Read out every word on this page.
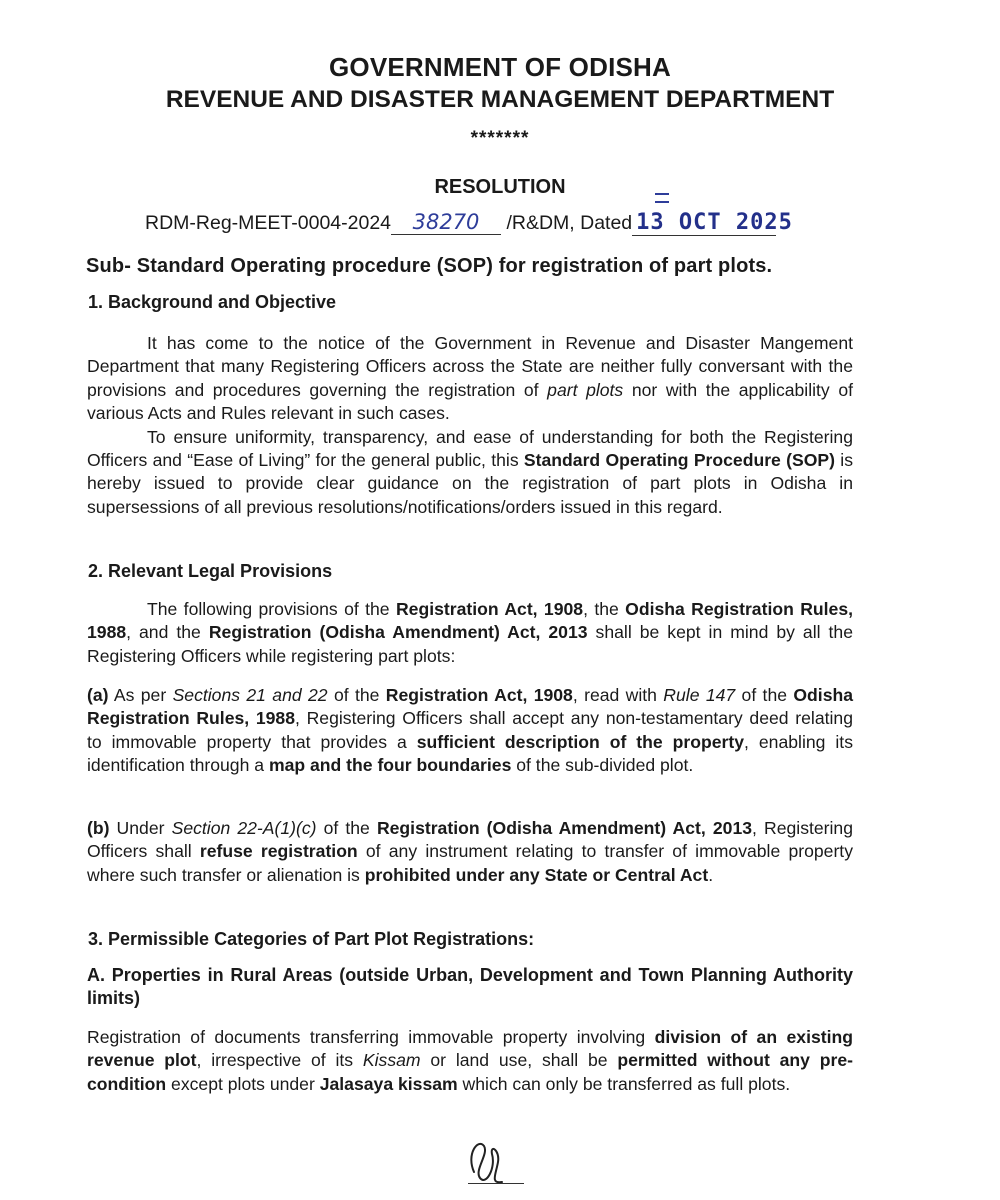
GOVERNMENT OF ODISHA
REVENUE AND DISASTER MANAGEMENT DEPARTMENT
*******
RESOLUTION
RDM-Reg-MEET-0004-2024 38270 /R&DM, Dated 13 OCT 2025
Sub- Standard Operating procedure (SOP) for registration of part plots.
1. Background and Objective

It has come to the notice of the Government in Revenue and Disaster Mangement Department that many Registering Officers across the State are neither fully conversant with the provisions and procedures governing the registration of part plots nor with the applicability of various Acts and Rules relevant in such cases.

To ensure uniformity, transparency, and ease of understanding for both the Registering Officers and “Ease of Living” for the general public, this Standard Operating Procedure (SOP) is hereby issued to provide clear guidance on the registration of part plots in Odisha in supersessions of all previous resolutions/notifications/orders issued in this regard.

2. Relevant Legal Provisions

The following provisions of the Registration Act, 1908, the Odisha Registration Rules, 1988, and the Registration (Odisha Amendment) Act, 2013 shall be kept in mind by all the Registering Officers while registering part plots:

(a) As per Sections 21 and 22 of the Registration Act, 1908, read with Rule 147 of the Odisha Registration Rules, 1988, Registering Officers shall accept any non-testamentary deed relating to immovable property that provides a sufficient description of the property, enabling its identification through a map and the four boundaries of the sub-divided plot.

(b) Under Section 22-A(1)(c) of the Registration (Odisha Amendment) Act, 2013, Registering Officers shall refuse registration of any instrument relating to transfer of immovable property where such transfer or alienation is prohibited under any State or Central Act.

3. Permissible Categories of Part Plot Registrations:
A. Properties in Rural Areas (outside Urban, Development and Town Planning Authority limits)

Registration of documents transferring immovable property involving division of an existing revenue plot, irrespective of its Kissam or land use, shall be permitted without any pre-condition except plots under Jalasaya kissam which can only be transferred as full plots.
